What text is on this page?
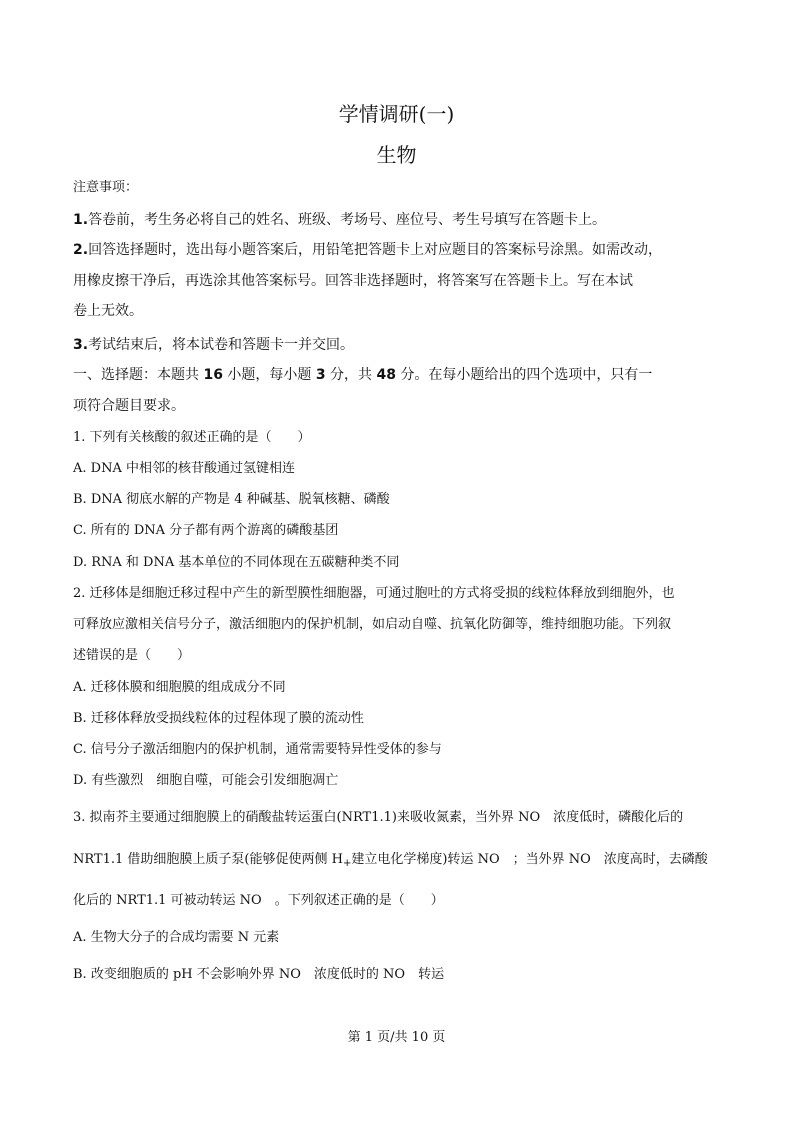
学情调研(一)
生物
注意事项：
1.答卷前，考生务必将自己的姓名、班级、考场号、座位号、考生号填写在答题卡上。
2.回答选择题时，选出每小题答案后，用铅笔把答题卡上对应题目的答案标号涂黑。如需改动，
用橡皮擦干净后，再选涂其他答案标号。回答非选择题时，将答案写在答题卡上。写在本试
卷上无效。
3.考试结束后，将本试卷和答题卡一并交回。
一、选择题：本题共 16 小题，每小题 3 分，共 48 分。在每小题给出的四个选项中，只有一
项符合题目要求。
1. 下列有关核酸的叙述正确的是（　　）
A. DNA 中相邻的核苷酸通过氢键相连
B. DNA 彻底水解的产物是 4 种碱基、脱氧核糖、磷酸
C. 所有的 DNA 分子都有两个游离的磷酸基团
D. RNA 和 DNA 基本单位的不同体现在五碳糖种类不同
2. 迁移体是细胞迁移过程中产生的新型膜性细胞器，可通过胞吐的方式将受损的线粒体释放到细胞外，也
可释放应激相关信号分子，激活细胞内的保护机制，如启动自噬、抗氧化防御等，维持细胞功能。下列叙
述错误的是（　　）
A. 迁移体膜和细胞膜的组成成分不同
B. 迁移体释放受损线粒体的过程体现了膜的流动性
C. 信号分子激活细胞内的保护机制，通常需要特异性受体的参与
D. 有些激烈　细胞自噬，可能会引发细胞凋亡
3. 拟南芥主要通过细胞膜上的硝酸盐转运蛋白(NRT1.1)来吸收氮素，当外界 NO　浓度低时，磷酸化后的
NRT1.1 借助细胞膜上质子泵(能够促使两侧 $H_+$建立电化学梯度)转运 NO　；当外界 NO　浓度高时，去磷酸
化后的 NRT1.1 可被动转运 NO　。下列叙述正确的是（　　）
A. 生物大分子的合成均需要 N 元素
B. 改变细胞质的 pH 不会影响外界 NO　浓度低时的 NO　转运
第 1 页/共 10 页
